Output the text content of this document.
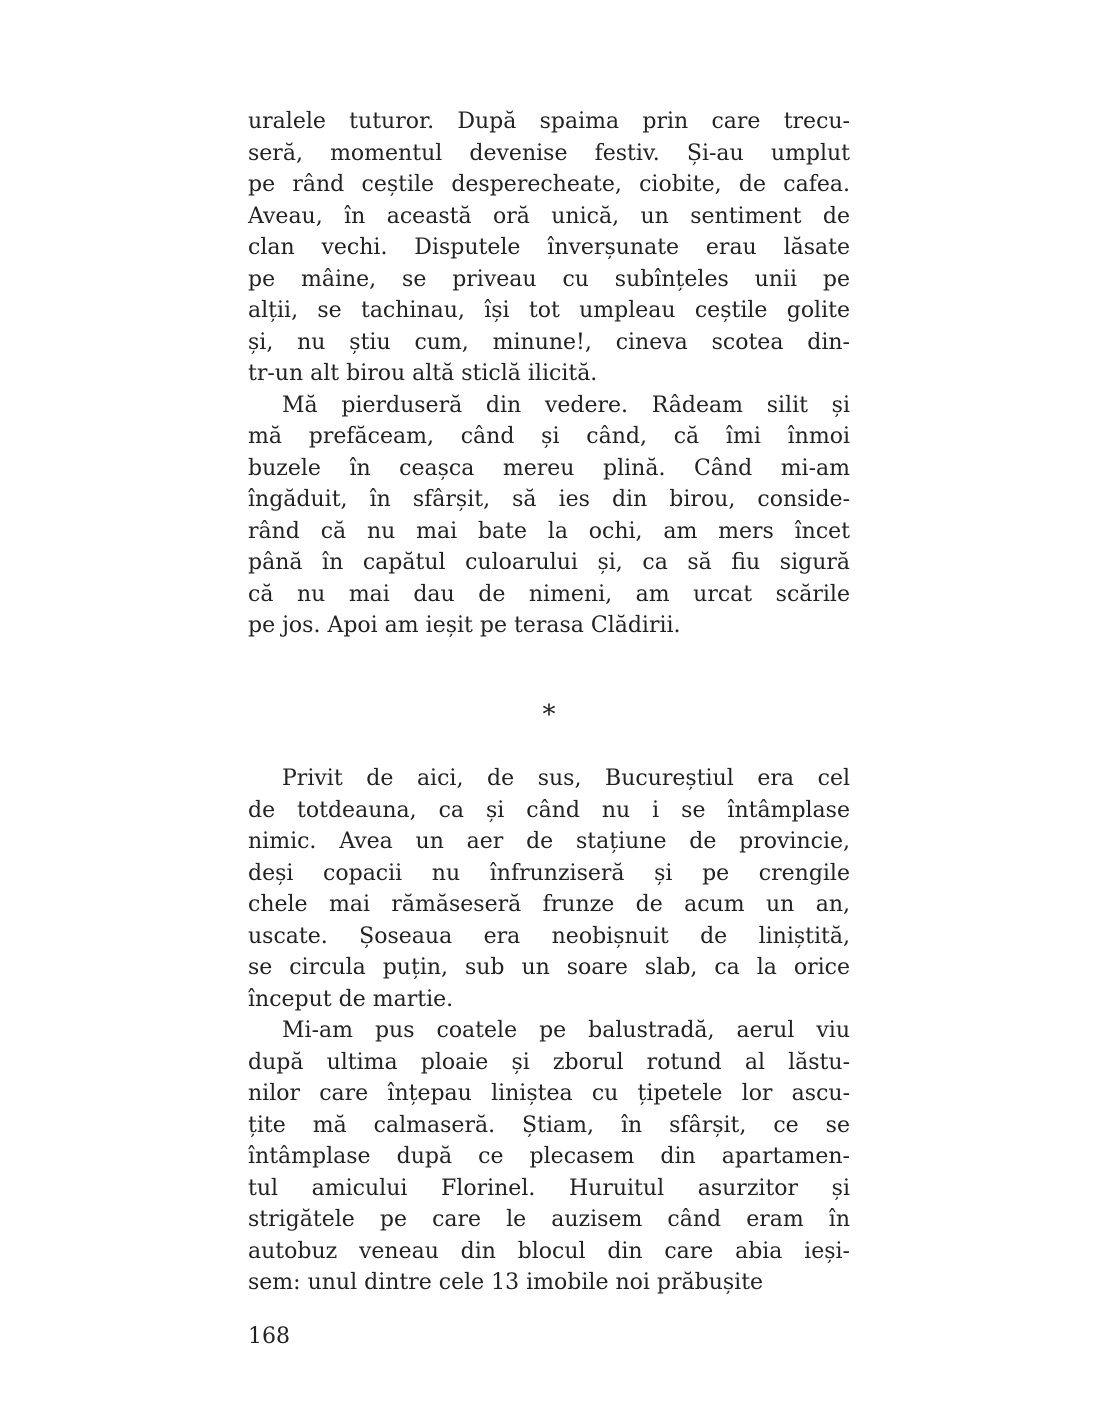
uralele tuturor. După spaima prin care trecu-
seră, momentul devenise festiv. Și-au umplut
pe rând ceștile desperecheate, ciobite, de cafea.
Aveau, în această oră unică, un sentiment de
clan vechi. Disputele înverșunate erau lăsate
pe mâine, se priveau cu subînțeles unii pe
alții, se tachinau, își tot umpleau ceștile golite
și, nu știu cum, minune!, cineva scotea din-
tr-un alt birou altă sticlă ilicită.
Mă pierduseră din vedere. Râdeam silit și
mă prefăceam, când și când, că îmi înmoi
buzele în ceașca mereu plină. Când mi-am
îngăduit, în sfârșit, să ies din birou, conside-
rând că nu mai bate la ochi, am mers încet
până în capătul culoarului și, ca să fiu sigură
că nu mai dau de nimeni, am urcat scările
pe jos. Apoi am ieșit pe terasa Clădirii.
*
Privit de aici, de sus, Bucureștiul era cel
de totdeauna, ca și când nu i se întâmplase
nimic. Avea un aer de stațiune de provincie,
deși copacii nu înfrunziseră și pe crengile
chele mai rămăseseră frunze de acum un an,
uscate. Șoseaua era neobișnuit de liniștită,
se circula puțin, sub un soare slab, ca la orice
început de martie.
Mi-am pus coatele pe balustradă, aerul viu
după ultima ploaie și zborul rotund al lăstu-
nilor care înțepau liniștea cu țipetele lor ascu-
țite mă calmaseră. Știam, în sfârșit, ce se
întâmplase după ce plecasem din apartamen-
tul amicului Florinel. Huruitul asurzitor și
strigătele pe care le auzisem când eram în
autobuz veneau din blocul din care abia ieși-
sem: unul dintre cele 13 imobile noi prăbușite
168
